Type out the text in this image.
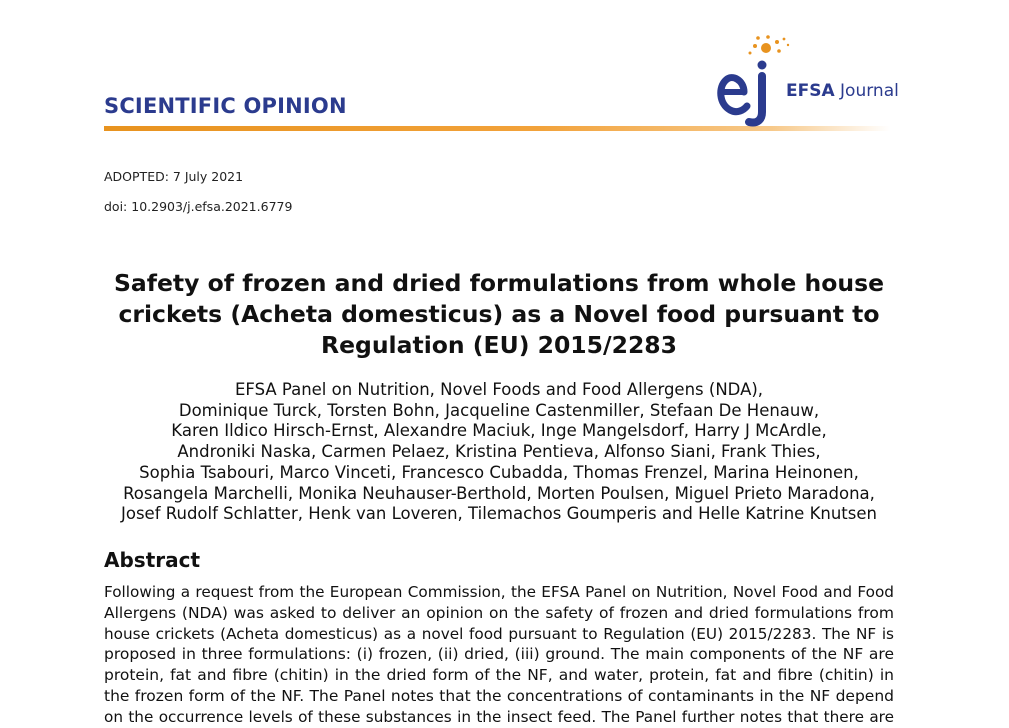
SCIENTIFIC OPINION
EFSA Journal
ADOPTED: 7 July 2021
doi: 10.2903/j.efsa.2021.6779
Safety of frozen and dried formulations from whole house
crickets (Acheta domesticus) as a Novel food pursuant to
Regulation (EU) 2015/2283
EFSA Panel on Nutrition, Novel Foods and Food Allergens (NDA),
Dominique Turck, Torsten Bohn, Jacqueline Castenmiller, Stefaan De Henauw,
Karen Ildico Hirsch-Ernst, Alexandre Maciuk, Inge Mangelsdorf, Harry J McArdle,
Androniki Naska, Carmen Pelaez, Kristina Pentieva, Alfonso Siani, Frank Thies,
Sophia Tsabouri, Marco Vinceti, Francesco Cubadda, Thomas Frenzel, Marina Heinonen,
Rosangela Marchelli, Monika Neuhauser-Berthold, Morten Poulsen, Miguel Prieto Maradona,
Josef Rudolf Schlatter, Henk van Loveren, Tilemachos Goumperis and Helle Katrine Knutsen
Abstract
Following a request from the European Commission, the EFSA Panel on Nutrition, Novel Food and Food
Allergens (NDA) was asked to deliver an opinion on the safety of frozen and dried formulations from
house crickets (Acheta domesticus) as a novel food pursuant to Regulation (EU) 2015/2283. The NF is
proposed in three formulations: (i) frozen, (ii) dried, (iii) ground. The main components of the NF are
protein, fat and fibre (chitin) in the dried form of the NF, and water, protein, fat and fibre (chitin) in
the frozen form of the NF. The Panel notes that the concentrations of contaminants in the NF depend
on the occurrence levels of these substances in the insect feed. The Panel further notes that there are
